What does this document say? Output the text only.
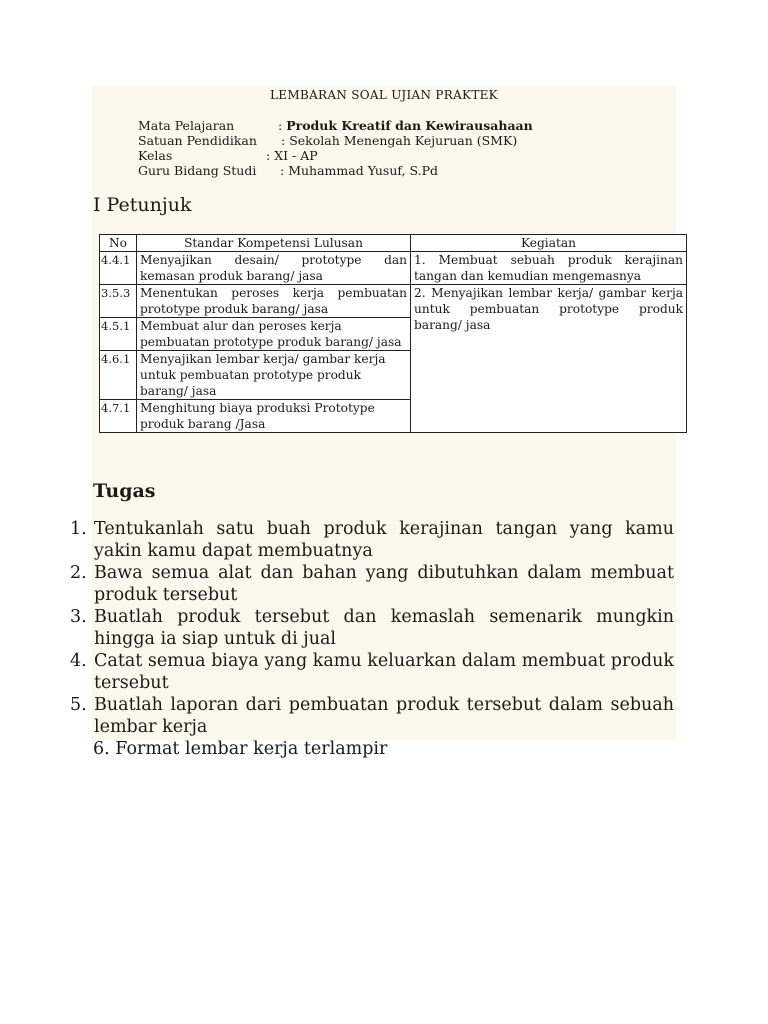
LEMBARAN SOAL UJIAN PRAKTEK
Mata Pelajaran	: Produk Kreatif dan Kewirausahaan
Satuan Pendidikan : Sekolah Menengah Kejuruan (SMK)
Kelas	: XI - AP
Guru Bidang Studi : Muhammad Yusuf, S.Pd
I Petunjuk
No	Standar Kompetensi Lulusan	Kegiatan
4.4.1	Menyajikan desain/ prototype dan kemasan produk barang/ jasa	1. Membuat sebuah produk kerajinan tangan dan kemudian mengemasnya
3.5.3	Menentukan peroses kerja pembuatan prototype produk barang/ jasa	2. Menyajikan lembar kerja/ gambar kerja untuk pembuatan prototype produk barang/ jasa
4.5.1	Membuat alur dan peroses kerja pembuatan prototype produk barang/ jasa	
4.6.1	Menyajikan lembar kerja/ gambar kerja untuk pembuatan prototype produk barang/ jasa	
4.7.1	Menghitung biaya produksi Prototype produk barang /Jasa	
Tugas
1. Tentukanlah satu buah produk kerajinan tangan yang kamu yakin kamu dapat membuatnya
2. Bawa semua alat dan bahan yang dibutuhkan dalam membuat produk tersebut
3. Buatlah produk tersebut dan kemaslah semenarik mungkin hingga ia siap untuk di jual
4. Catat semua biaya yang kamu keluarkan dalam membuat produk tersebut
5. Buatlah laporan dari pembuatan produk tersebut dalam sebuah lembar kerja
6. Format lembar kerja terlampir
